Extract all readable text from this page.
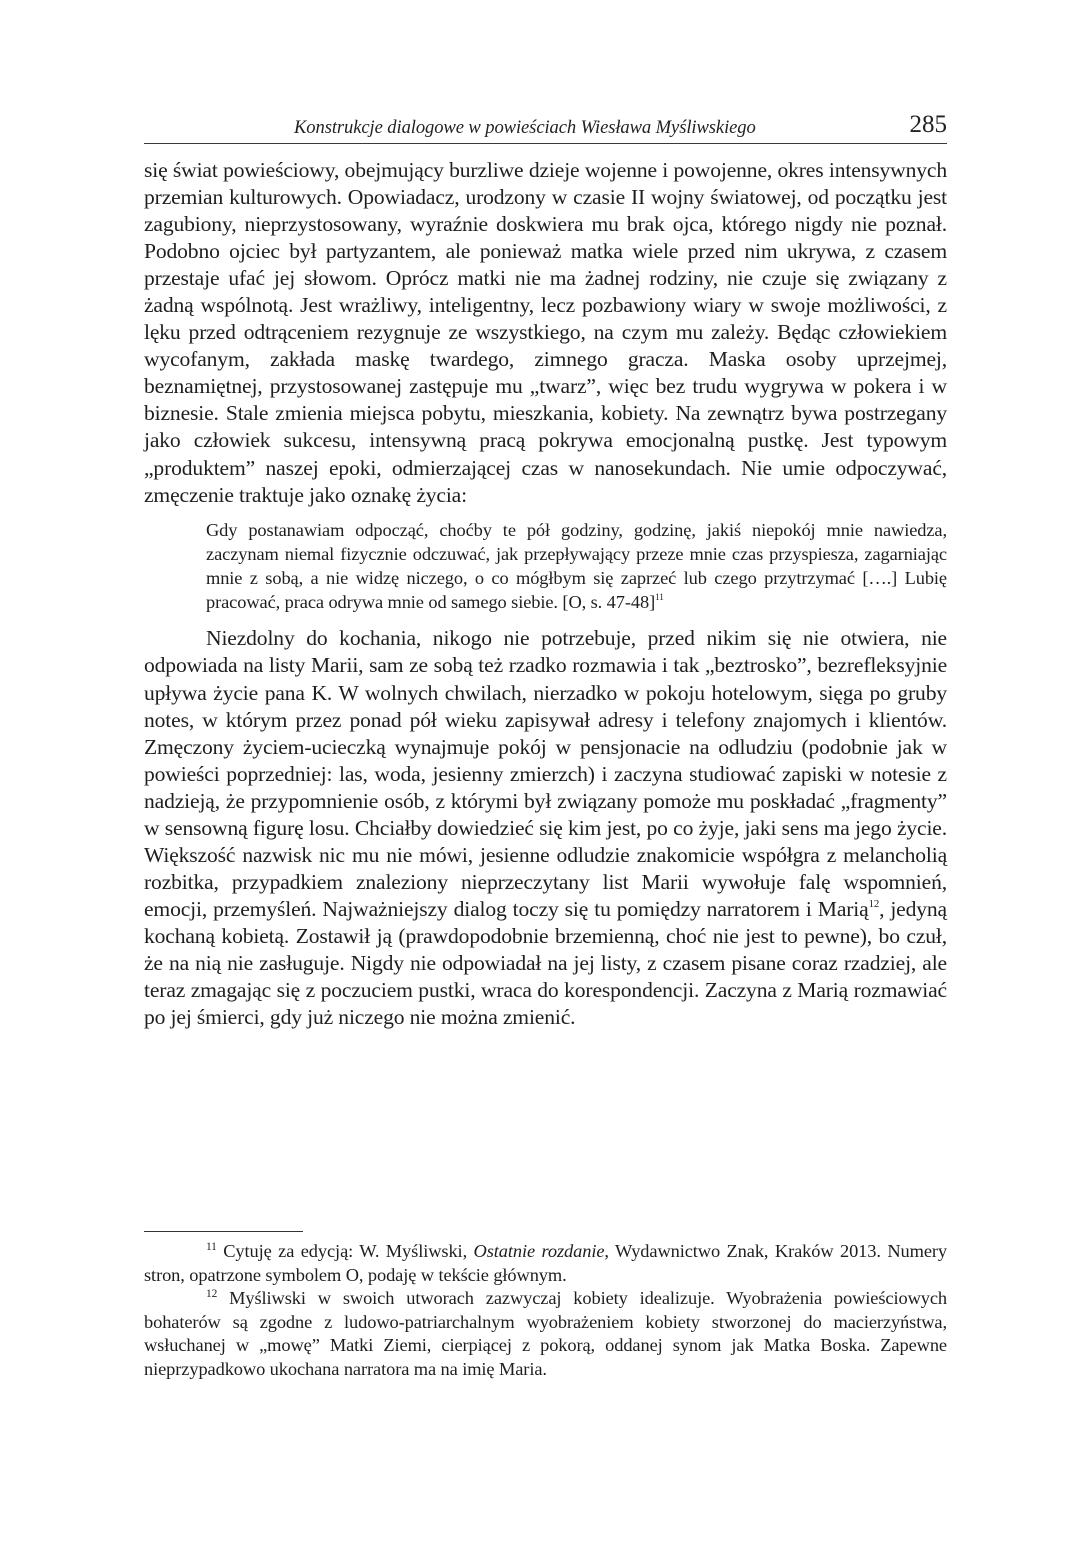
Konstrukcje dialogowe w powieściach Wiesława Myśliwskiego	285

się świat powieściowy, obejmujący burzliwe dzieje wojenne i powojenne, okres intensywnych przemian kulturowych. Opowiadacz, urodzony w czasie II wojny światowej, od początku jest zagubiony, nieprzystosowany, wyraźnie doskwiera mu brak ojca, którego nigdy nie poznał. Podobno ojciec był partyzantem, ale ponieważ matka wiele przed nim ukrywa, z czasem przestaje ufać jej słowom. Oprócz matki nie ma żadnej rodziny, nie czuje się związany z żadną wspólnotą. Jest wrażliwy, inteligentny, lecz pozbawiony wiary w swoje możliwości, z lęku przed odtrąceniem rezygnuje ze wszystkiego, na czym mu zależy. Będąc człowiekiem wycofanym, zakłada maskę twardego, zimnego gracza. Maska osoby uprzejmej, beznamiętnej, przystosowanej zastępuje mu „twarz”, więc bez trudu wygrywa w pokera i w biznesie. Stale zmienia miejsca pobytu, mieszkania, kobiety. Na zewnątrz bywa postrzegany jako człowiek sukcesu, intensywną pracą pokrywa emocjonalną pustkę. Jest typowym „produktem” naszej epoki, odmierzającej czas w nanosekundach. Nie umie odpoczywać, zmęczenie traktuje jako oznakę życia:

Gdy postanawiam odpocząć, choćby te pół godziny, godzinę, jakiś niepokój mnie nawiedza, zaczynam niemal fizycznie odczuwać, jak przepływający przeze mnie czas przyspiesza, zagarniając mnie z sobą, a nie widzę niczego, o co mógłbym się zaprzeć lub czego przytrzymać [….] Lubię pracować, praca odrywa mnie od samego siebie. [O, s. 47-48]$^{11}$

Niezdolny do kochania, nikogo nie potrzebuje, przed nikim się nie otwiera, nie odpowiada na listy Marii, sam ze sobą też rzadko rozmawia i tak „beztrosko”, bezrefleksyjnie upływa życie pana K. W wolnych chwilach, nierzadko w pokoju hotelowym, sięga po gruby notes, w którym przez ponad pół wieku zapisywał adresy i telefony znajomych i klientów. Zmęczony życiem-ucieczką wynajmuje pokój w pensjonacie na odludziu (podobnie jak w powieści poprzedniej: las, woda, jesienny zmierzch) i zaczyna studiować zapiski w notesie z nadzieją, że przypomnienie osób, z którymi był związany pomoże mu poskładać „fragmenty” w sensowną figurę losu. Chciałby dowiedzieć się kim jest, po co żyje, jaki sens ma jego życie. Większość nazwisk nic mu nie mówi, jesienne odludzie znakomicie współgra z melancholią rozbitka, przypadkiem znaleziony nieprzeczytany list Marii wywołuje falę wspomnień, emocji, przemyśleń. Najważniejszy dialog toczy się tu pomiędzy narratorem i Marią$^{12}$, jedyną kochaną kobietą. Zostawił ją (prawdopodobnie brzemienną, choć nie jest to pewne), bo czuł, że na nią nie zasługuje. Nigdy nie odpowiadał na jej listy, z czasem pisane coraz rzadziej, ale teraz zmagając się z poczuciem pustki, wraca do korespondencji. Zaczyna z Marią rozmawiać po jej śmierci, gdy już niczego nie można zmienić.

$^{11}$ Cytuję za edycją: W. Myśliwski, Ostatnie rozdanie, Wydawnictwo Znak, Kraków 2013. Numery stron, opatrzone symbolem O, podaję w tekście głównym.

$^{12}$ Myśliwski w swoich utworach zazwyczaj kobiety idealizuje. Wyobrażenia powieściowych bohaterów są zgodne z ludowo-patriarchalnym wyobrażeniem kobiety stworzonej do macierzyństwa, wsłuchanej w „mowę” Matki Ziemi, cierpiącej z pokorą, oddanej synom jak Matka Boska. Zapewne nieprzypadkowo ukochana narratora ma na imię Maria.
